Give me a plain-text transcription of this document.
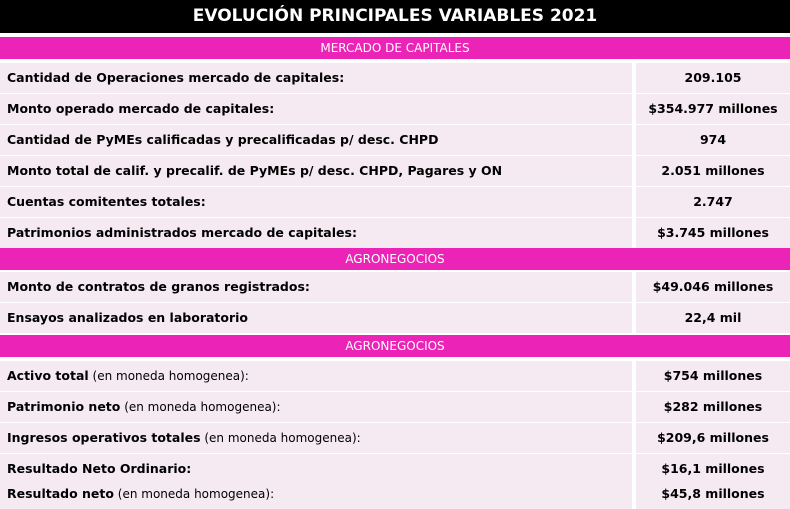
EVOLUCIÓN PRINCIPALES VARIABLES 2021
MERCADO DE CAPITALES
Cantidad de Operaciones mercado de capitales:	209.105
Monto operado mercado de capitales:	$354.977 millones
Cantidad de PyMEs calificadas y precalificadas p/ desc. CHPD	974
Monto total de calif. y precalif. de PyMEs p/ desc. CHPD, Pagares y ON	2.051 millones
Cuentas comitentes totales:	2.747
Patrimonios administrados mercado de capitales:	$3.745 millones
AGRONEGOCIOS
Monto de contratos de granos registrados:	$49.046 millones
Ensayos analizados en laboratorio	22,4 mil
AGRONEGOCIOS
Activo total (en moneda homogenea):	$754 millones
Patrimonio neto (en moneda homogenea):	$282 millones
Ingresos operativos totales (en moneda homogenea):	$209,6 millones
Resultado Neto Ordinario:	$16,1 millones
Resultado neto (en moneda homogenea):	$45,8 millones
